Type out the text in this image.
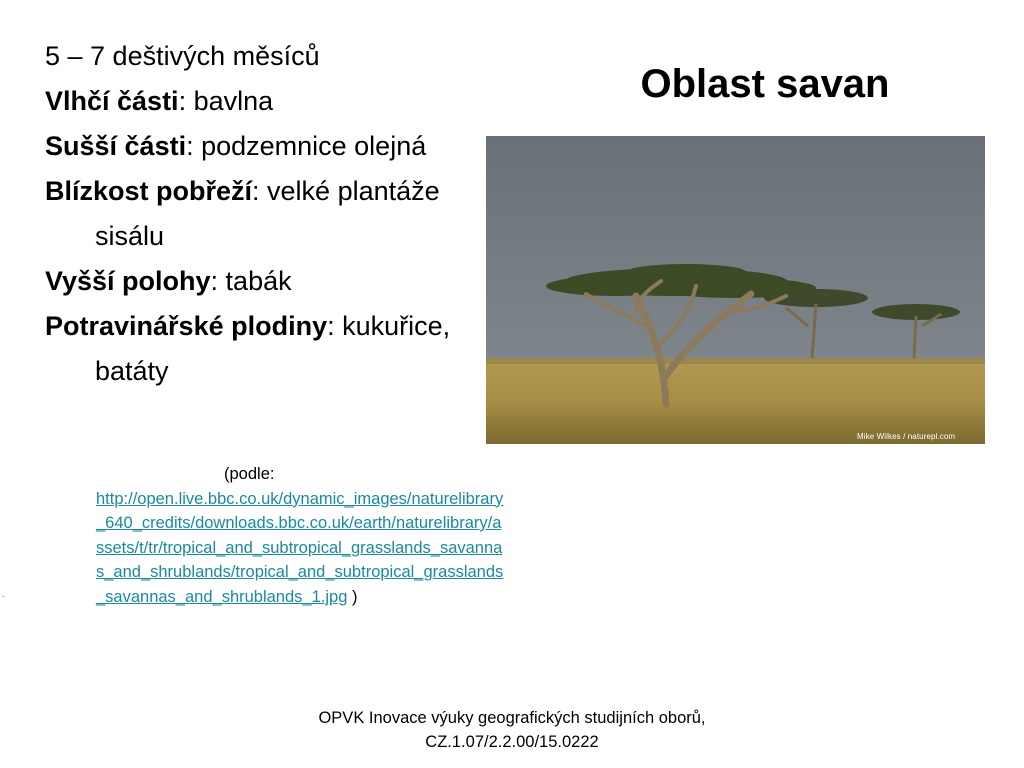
Oblast savan
5 – 7 deštivých měsíců
Vlhčí části: bavlna
Sušší části: podzemnice olejná
Blízkost pobřeží: velké plantáže sisálu
Vyšší polohy: tabák
Potravinářské plodiny: kukuřice, batáty
Mike Wilkes / naturepl.com
(podle:
http://open.live.bbc.co.uk/dynamic_images/naturelibrary_640_credits/downloads.bbc.co.uk/earth/naturelibrary/assets/t/tr/tropical_and_subtropical_grasslands_savannas_and_shrublands/tropical_and_subtropical_grasslands_savannas_and_shrublands_1.jpg )
.
OPVK Inovace výuky geografických studijních oborů,
CZ.1.07/2.2.00/15.0222
